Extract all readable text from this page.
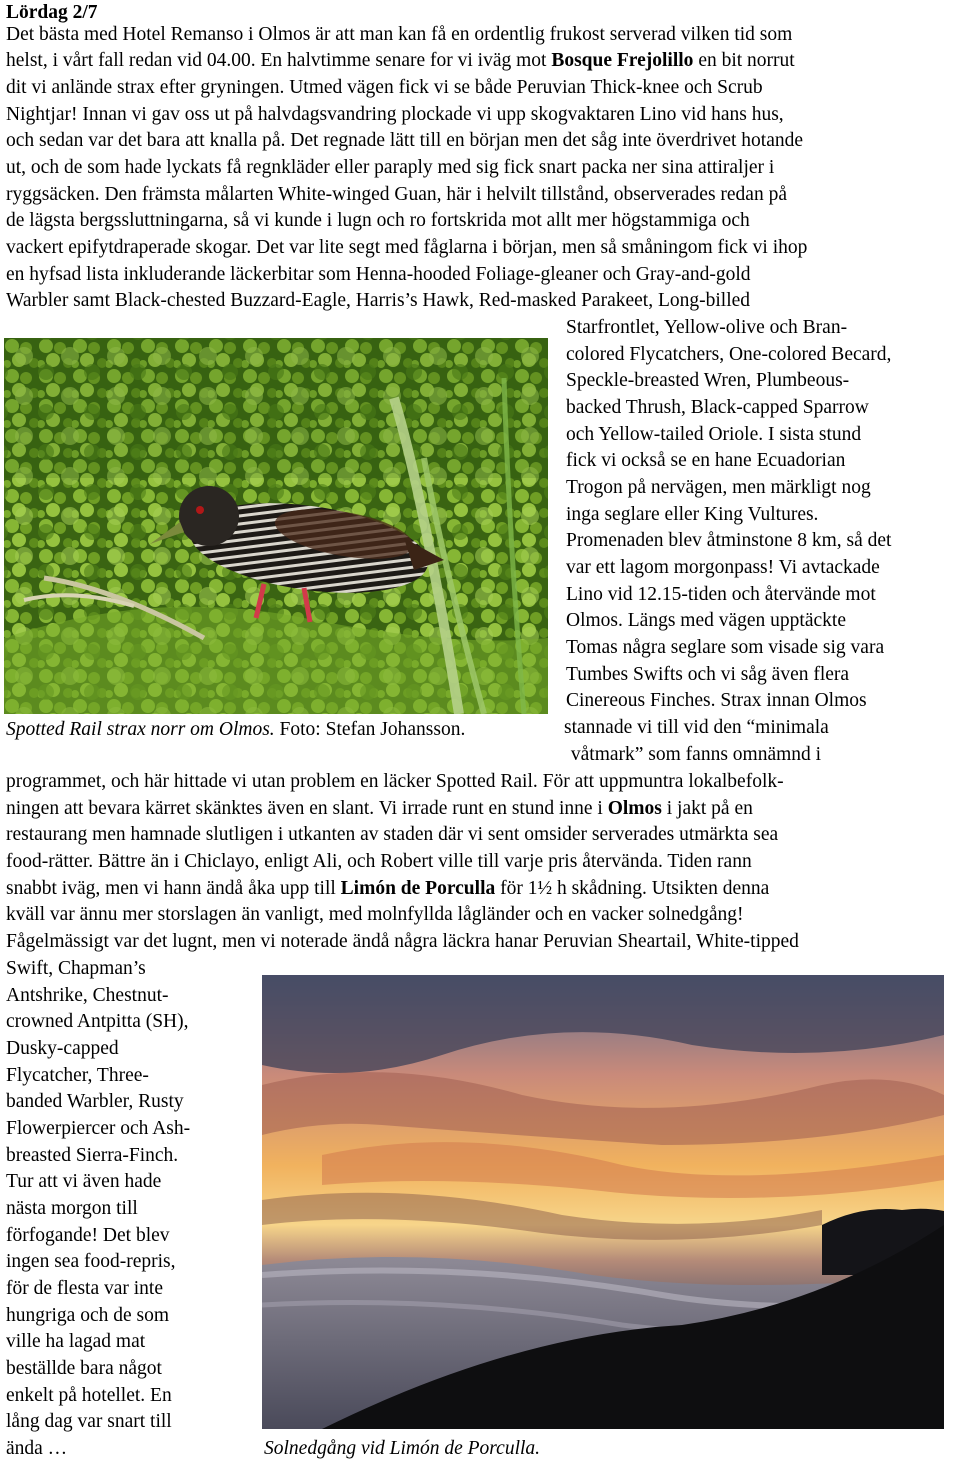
Lördag 2/7
Det bästa med Hotel Remanso i Olmos är att man kan få en ordentlig frukost serverad vilken tid som
helst, i vårt fall redan vid 04.00. En halvtimme senare for vi iväg mot Bosque Frejolillo en bit norrut
dit vi anlände strax efter gryningen. Utmed vägen fick vi se både Peruvian Thick-knee och Scrub
Nightjar! Innan vi gav oss ut på halvdagsvandring plockade vi upp skogvaktaren Lino vid hans hus,
och sedan var det bara att knalla på. Det regnade lätt till en början men det såg inte överdrivet hotande
ut, och de som hade lyckats få regnkläder eller paraply med sig fick snart packa ner sina attiraljer i
ryggsäcken. Den främsta målarten White-winged Guan, här i helvilt tillstånd, observerades redan på
de lägsta bergssluttningarna, så vi kunde i lugn och ro fortskrida mot allt mer högstammiga och
vackert epifytdraperade skogar. Det var lite segt med fåglarna i början, men så småningom fick vi ihop
en hyfsad lista inkluderande läckerbitar som Henna-hooded Foliage-gleaner och Gray-and-gold
Warbler samt Black-chested Buzzard-Eagle, Harris’s Hawk, Red-masked Parakeet, Long-billed
Starfrontlet, Yellow-olive och Bran-
colored Flycatchers, One-colored Becard,
Speckle-breasted Wren, Plumbeous-
backed Thrush, Black-capped Sparrow
och Yellow-tailed Oriole. I sista stund
fick vi också se en hane Ecuadorian
Trogon på nervägen, men märkligt nog
inga seglare eller King Vultures.
Promenaden blev åtminstone 8 km, så det
var ett lagom morgonpass! Vi avtackade
Lino vid 12.15-tiden och återvände mot
Olmos. Längs med vägen upptäckte
Tomas några seglare som visade sig vara
Tumbes Swifts och vi såg även flera
Cinereous Finches. Strax innan Olmos
stannade vi till vid den “minimala
våtmark” som fanns omnämnd i
Spotted Rail strax norr om Olmos. Foto: Stefan Johansson.
programmet, och här hittade vi utan problem en läcker Spotted Rail. För att uppmuntra lokalbefolk-
ningen att bevara kärret skänktes även en slant. Vi irrade runt en stund inne i Olmos i jakt på en
restaurang men hamnade slutligen i utkanten av staden där vi sent omsider serverades utmärkta sea
food-rätter. Bättre än i Chiclayo, enligt Ali, och Robert ville till varje pris återvända. Tiden rann
snabbt iväg, men vi hann ändå åka upp till Limón de Porculla för 1½ h skådning. Utsikten denna
kväll var ännu mer storslagen än vanligt, med molnfyllda lågländer och en vacker solnedgång!
Fågelmässigt var det lugnt, men vi noterade ändå några läckra hanar Peruvian Sheartail, White-tipped
Swift, Chapman’s
Antshrike, Chestnut-
crowned Antpitta (SH),
Dusky-capped
Flycatcher, Three-
banded Warbler, Rusty
Flowerpiercer och Ash-
breasted Sierra-Finch.
Tur att vi även hade
nästa morgon till
förfogande! Det blev
ingen sea food-repris,
för de flesta var inte
hungriga och de som
ville ha lagad mat
beställde bara något
enkelt på hotellet. En
lång dag var snart till
ända …	Solnedgång vid Limón de Porculla.
